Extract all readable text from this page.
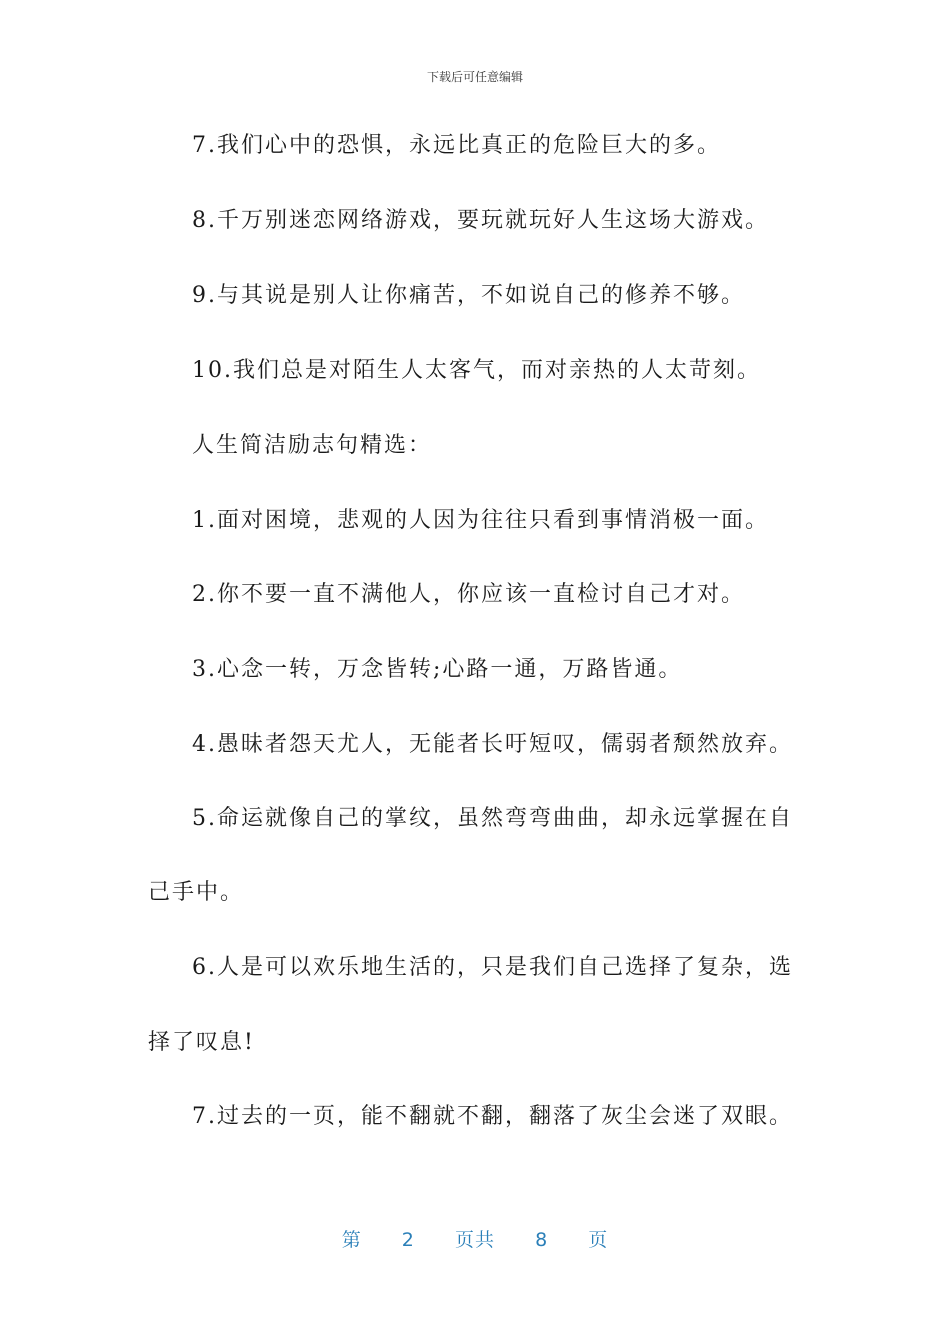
下载后可任意编辑
7.我们心中的恐惧，永远比真正的危险巨大的多。
8.千万别迷恋网络游戏，要玩就玩好人生这场大游戏。
9.与其说是别人让你痛苦，不如说自己的修养不够。
10.我们总是对陌生人太客气，而对亲热的人太苛刻。
人生简洁励志句精选：
1.面对困境，悲观的人因为往往只看到事情消极一面。
2.你不要一直不满他人，你应该一直检讨自己才对。
3.心念一转，万念皆转;心路一通，万路皆通。
4.愚昧者怨天尤人，无能者长吁短叹，儒弱者颓然放弃。
5.命运就像自己的掌纹，虽然弯弯曲曲，却永远掌握在自
己手中。
6.人是可以欢乐地生活的，只是我们自己选择了复杂，选
择了叹息!
7.过去的一页，能不翻就不翻，翻落了灰尘会迷了双眼。
第 2 页共 8 页
